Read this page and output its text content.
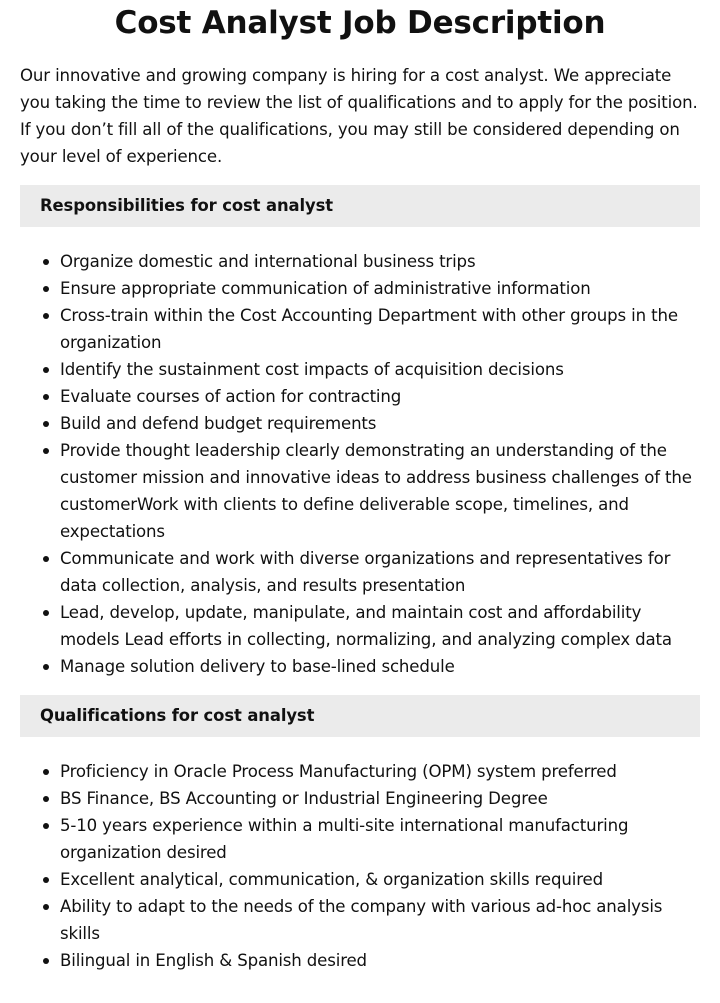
Cost Analyst Job Description

Our innovative and growing company is hiring for a cost analyst. We appreciate you taking the time to review the list of qualifications and to apply for the position. If you don’t fill all of the qualifications, you may still be considered depending on your level of experience.

Responsibilities for cost analyst
Organize domestic and international business trips
Ensure appropriate communication of administrative information
Cross-train within the Cost Accounting Department with other groups in the organization
Identify the sustainment cost impacts of acquisition decisions
Evaluate courses of action for contracting
Build and defend budget requirements
Provide thought leadership clearly demonstrating an understanding of the customer mission and innovative ideas to address business challenges of the customerWork with clients to define deliverable scope, timelines, and expectations
Communicate and work with diverse organizations and representatives for data collection, analysis, and results presentation
Lead, develop, update, manipulate, and maintain cost and affordability models Lead efforts in collecting, normalizing, and analyzing complex data
Manage solution delivery to base-lined schedule
Qualifications for cost analyst
Proficiency in Oracle Process Manufacturing (OPM) system preferred
BS Finance, BS Accounting or Industrial Engineering Degree
5-10 years experience within a multi-site international manufacturing organization desired
Excellent analytical, communication, & organization skills required
Ability to adapt to the needs of the company with various ad-hoc analysis skills
Bilingual in English & Spanish desired
